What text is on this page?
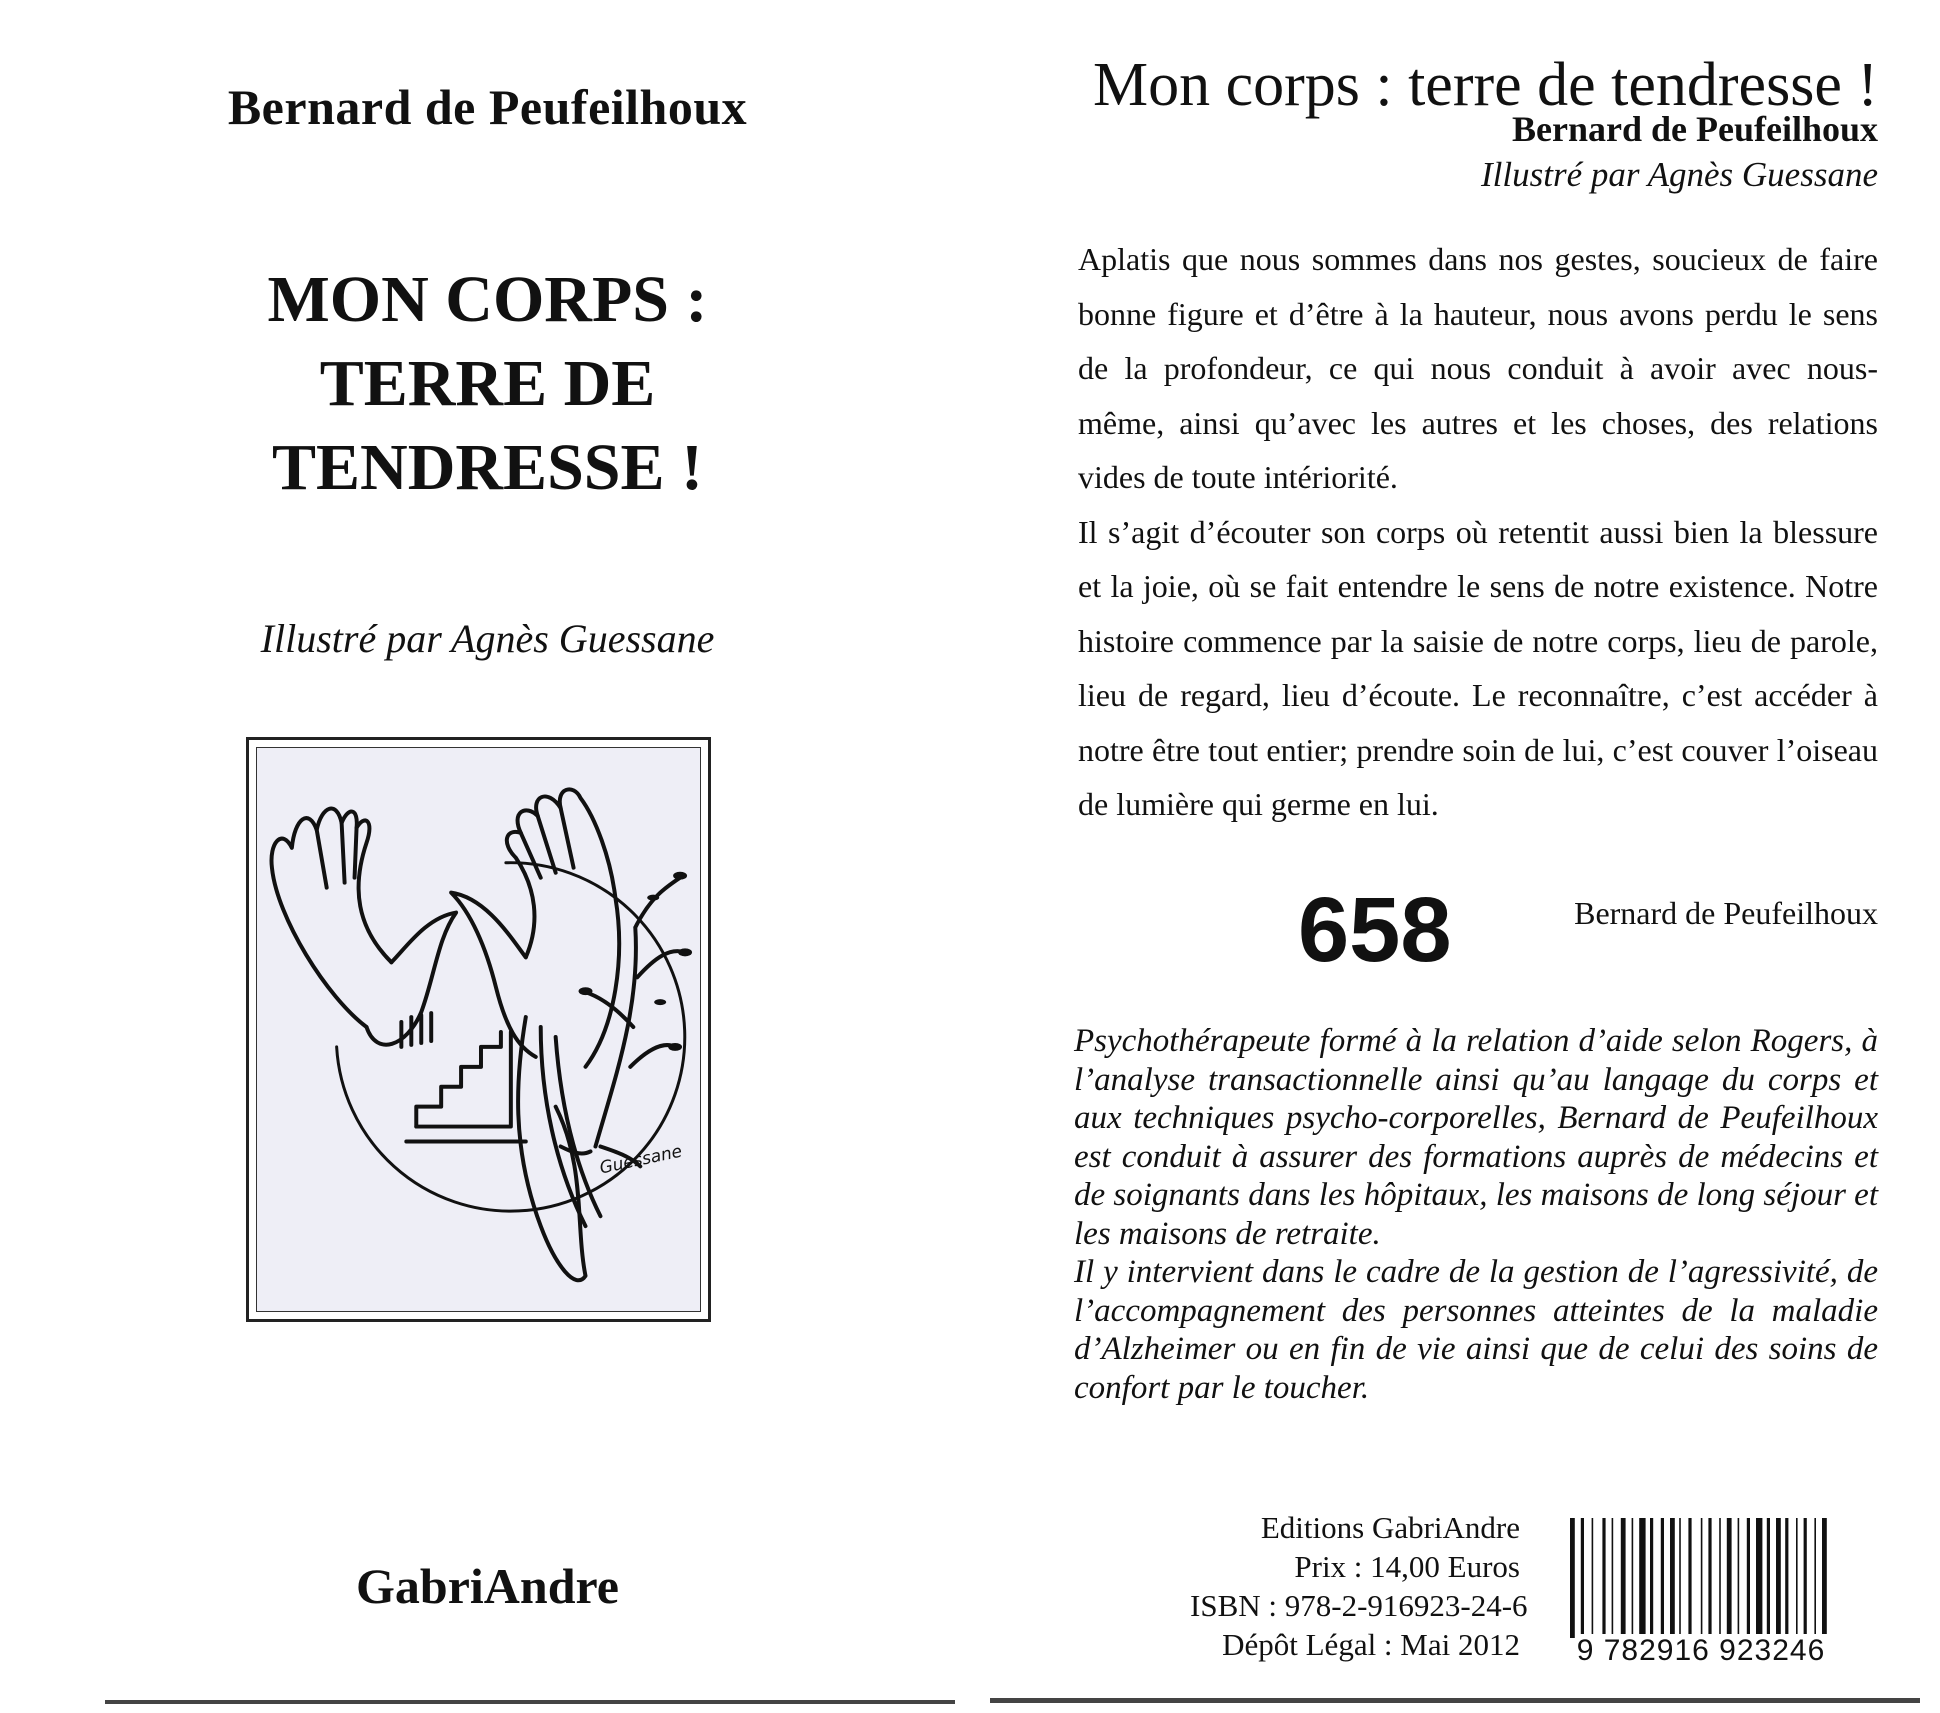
Bernard de Peufeilhoux
MON CORPS :
TERRE DE
TENDRESSE !
Illustré par Agnès Guessane
Guessane
GabriAndre
Mon corps : terre de tendresse !
Bernard de Peufeilhoux
Illustré par Agnès Guessane

Aplatis que nous sommes dans nos gestes, soucieux de faire bonne figure et d’être à la hauteur, nous avons perdu le sens de la profondeur, ce qui nous conduit à avoir avec nous-même, ainsi qu’avec les autres et les choses, des relations vides de toute intériorité.

Il s’agit d’écouter son corps où retentit aussi bien la blessure et la joie, où se fait entendre le sens de notre existence. Notre histoire commence par la saisie de notre corps, lieu de parole, lieu de regard, lieu d’écoute. Le reconnaître, c’est accéder à notre être tout entier; prendre soin de lui, c’est couver l’oiseau de lumière qui germe en lui.

658	Bernard de Peufeilhoux

Psychothérapeute formé à la relation d’aide selon Rogers, à l’analyse transactionnelle ainsi qu’au langage du corps et aux techniques psycho-corporelles, Bernard de Peufeilhoux est conduit à assurer des formations auprès de médecins et de soignants dans les hôpitaux, les maisons de long séjour et les maisons de retraite.

Il y intervient dans le cadre de la gestion de l’agressivité, de l’accompagnement des personnes atteintes de la maladie d’Alzheimer ou en fin de vie ainsi que de celui des soins de confort par le toucher.

Editions GabriAndre
Prix : 14,00 Euros
ISBN : 978-2-916923-24-6
Dépôt Légal : Mai 2012	9 782916 923246
